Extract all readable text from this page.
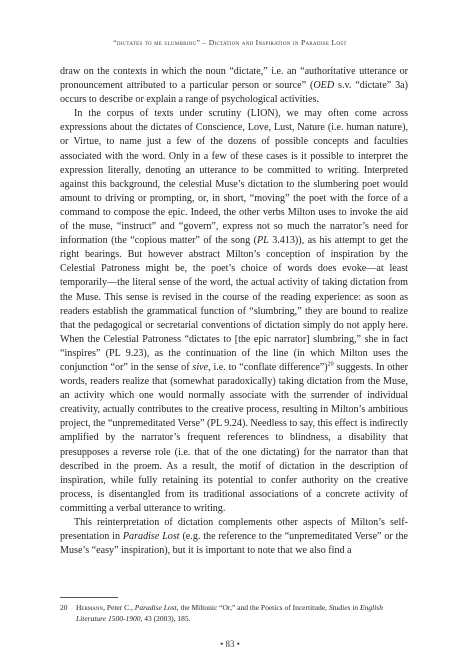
“dictates to me slumbring” – Dictation and Inspiration in Paradise Lost

draw on the contexts in which the noun “dictate,” i.e. an “authoritative utterance or pronouncement attributed to a particular person or source” (OED s.v. “dictate” 3a) occurs to describe or explain a range of psychological activities.

In the corpus of texts under scrutiny (LION), we may often come across expressions about the dictates of Conscience, Love, Lust, Nature (i.e. human nature), or Virtue, to name just a few of the dozens of possible concepts and faculties associated with the word. Only in a few of these cases is it possible to interpret the expression literally, denoting an utterance to be committed to writing. Interpreted against this background, the celestial Muse’s dictation to the slumbering poet would amount to driving or prompting, or, in short, “moving” the poet with the force of a command to compose the epic. Indeed, the other verbs Milton uses to invoke the aid of the muse, “instruct” and “govern”, express not so much the narrator’s need for information (the “copious matter” of the song (PL 3.413)), as his attempt to get the right bearings. But however abstract Milton’s conception of inspiration by the Celestial Patroness might be, the poet’s choice of words does evoke—at least temporarily—the literal sense of the word, the actual activity of taking dictation from the Muse. This sense is revised in the course of the reading experience: as soon as readers establish the grammatical function of “slumbring,” they are bound to realize that the pedagogical or secretarial conventions of dictation simply do not apply here. When the Celestial Patroness “dictates to [the epic narrator] slumbring,” she in fact “inspires” (PL 9.23), as the continuation of the line (in which Milton uses the conjunction “or” in the sense of sive, i.e. to “conflate difference”)$^{20}$ suggests. In other words, readers realize that (somewhat paradoxically) taking dictation from the Muse, an activity which one would normally associate with the surrender of individual creativity, actually contributes to the creative process, resulting in Milton’s ambitious project, the “unpremeditated Verse” (PL 9.24). Needless to say, this effect is indirectly amplified by the narrator’s frequent references to blindness, a disability that presupposes a reverse role (i.e. that of the one dictating) for the narrator than that described in the proem. As a result, the motif of dictation in the description of inspiration, while fully retaining its potential to confer authority on the creative process, is disentangled from its traditional associations of a concrete activity of committing a verbal utterance to writing.

This reinterpretation of dictation complements other aspects of Milton’s self-presentation in Paradise Lost (e.g. the reference to the “unpremeditated Verse” or the Muse’s “easy” inspiration), but it is important to note that we also find a

20 Hermann, Peter C., Paradise Lost, the Miltonic “Or,” and the Poetics of Incertitude, Studies in English Literature 1500-1900, 43 (2003), 185.
• 83 •
